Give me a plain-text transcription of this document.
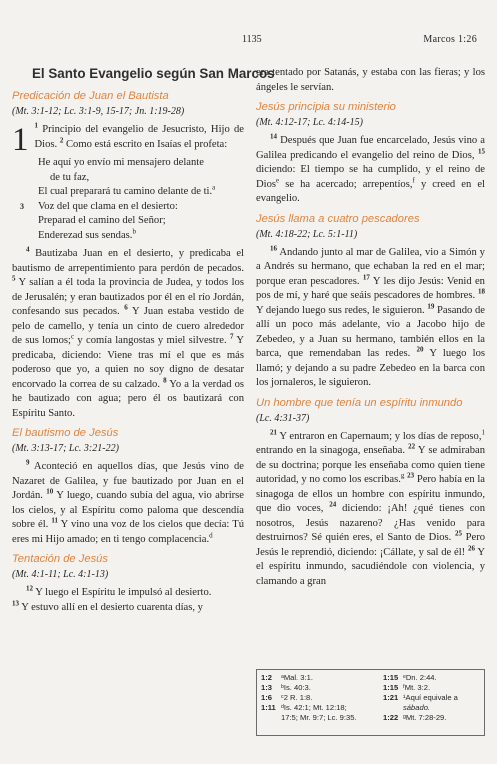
1135	Marcos 1:26
El Santo Evangelio según San Marcos
Predicación de Juan el Bautista
(Mt. 3:1-12; Lc. 3:1-9, 15-17; Jn. 1:19-28)

1 $^1$ Principio del evangelio de Jesucristo, Hijo de Dios. $^2$ Como está escrito en Isaías el profeta:

He aquí yo envío mi mensajero delante
de tu faz,
El cual preparará tu camino delante de ti.$^a$
3 Voz del que clama en el desierto:
Preparad el camino del Señor;
Enderezad sus sendas.$^b$

$^4$ Bautizaba Juan en el desierto, y predicaba el bautismo de arrepentimiento para perdón de pecados. $^5$ Y salían a él toda la provincia de Judea, y todos los de Jerusalén; y eran bautizados por él en el río Jordán, confesando sus pecados. $^6$ Y Juan estaba vestido de pelo de camello, y tenía un cinto de cuero alrededor de sus lomos;$^c$ y comía langostas y miel silvestre. $^7$ Y predicaba, diciendo: Viene tras mí el que es más poderoso que yo, a quien no soy digno de desatar encorvado la correa de su calzado. $^8$ Yo a la verdad os he bautizado con agua; pero él os bautizará con Espíritu Santo.

El bautismo de Jesús
(Mt. 3:13-17; Lc. 3:21-22)

$^9$ Aconteció en aquellos días, que Jesús vino de Nazaret de Galilea, y fue bautizado por Juan en el Jordán. $^{10}$ Y luego, cuando subía del agua, vio abrirse los cielos, y al Espíritu como paloma que descendía sobre él. $^{11}$ Y vino una voz de los cielos que decía: Tú eres mi Hijo amado; en ti tengo complacencia.$^d$

Tentación de Jesús
(Mt. 4:1-11; Lc. 4:1-13)

$^{12}$ Y luego el Espíritu le impulsó al desierto.

$^{13}$ Y estuvo allí en el desierto cuarenta días, y

era tentado por Satanás, y estaba con las fieras; y los ángeles le servían.

Jesús principia su ministerio
(Mt. 4:12-17; Lc. 4:14-15)

$^{14}$ Después que Juan fue encarcelado, Jesús vino a Galilea predicando el evangelio del reino de Dios, $^{15}$ diciendo: El tiempo se ha cumplido, y el reino de Dios$^e$ se ha acercado; arrepentíos,$^f$ y creed en el evangelio.

Jesús llama a cuatro pescadores
(Mt. 4:18-22; Lc. 5:1-11)

$^{16}$ Andando junto al mar de Galilea, vio a Simón y a Andrés su hermano, que echaban la red en el mar; porque eran pescadores. $^{17}$ Y les dijo Jesús: Venid en pos de mí, y haré que seáis pescadores de hombres. $^{18}$ Y dejando luego sus redes, le siguieron. $^{19}$ Pasando de allí un poco más adelante, vio a Jacobo hijo de Zebedeo, y a Juan su hermano, también ellos en la barca, que remendaban las redes. $^{20}$ Y luego los llamó; y dejando a su padre Zebedeo en la barca con los jornaleros, le siguieron.

Un hombre que tenía un espíritu inmundo
(Lc. 4:31-37)

$^{21}$ Y entraron en Capernaum; y los días de reposo,$^1$ entrando en la sinagoga, enseñaba. $^{22}$ Y se admiraban de su doctrina; porque les enseñaba como quien tiene autoridad, y no como los escribas.$^g$ $^{23}$ Pero había en la sinagoga de ellos un hombre con espíritu inmundo, que dio voces, $^{24}$ diciendo: ¡Ah! ¿qué tienes con nosotros, Jesús nazareno? ¿Has venido para destruirnos? Sé quién eres, el Santo de Dios. $^{25}$ Pero Jesús le reprendió, diciendo: ¡Cállate, y sal de él! $^{26}$ Y el espíritu inmundo, sacudiéndole con violencia, y clamando a gran

1:2 ᵃMal. 3:1.
1:3 ᵇIs. 40:3.
1:6 ᶜ2 R. 1:8.
1:11 ᵈIs. 42:1; Mt. 12:18;
17:5; Mr. 9:7; Lc. 9:35.
1:15 ᵉDn. 2:44.
1:15 ᶠMt. 3:2.
1:21 ¹Aquí equivale a
sábado.
1:22 ᵍMt. 7:28-29.
